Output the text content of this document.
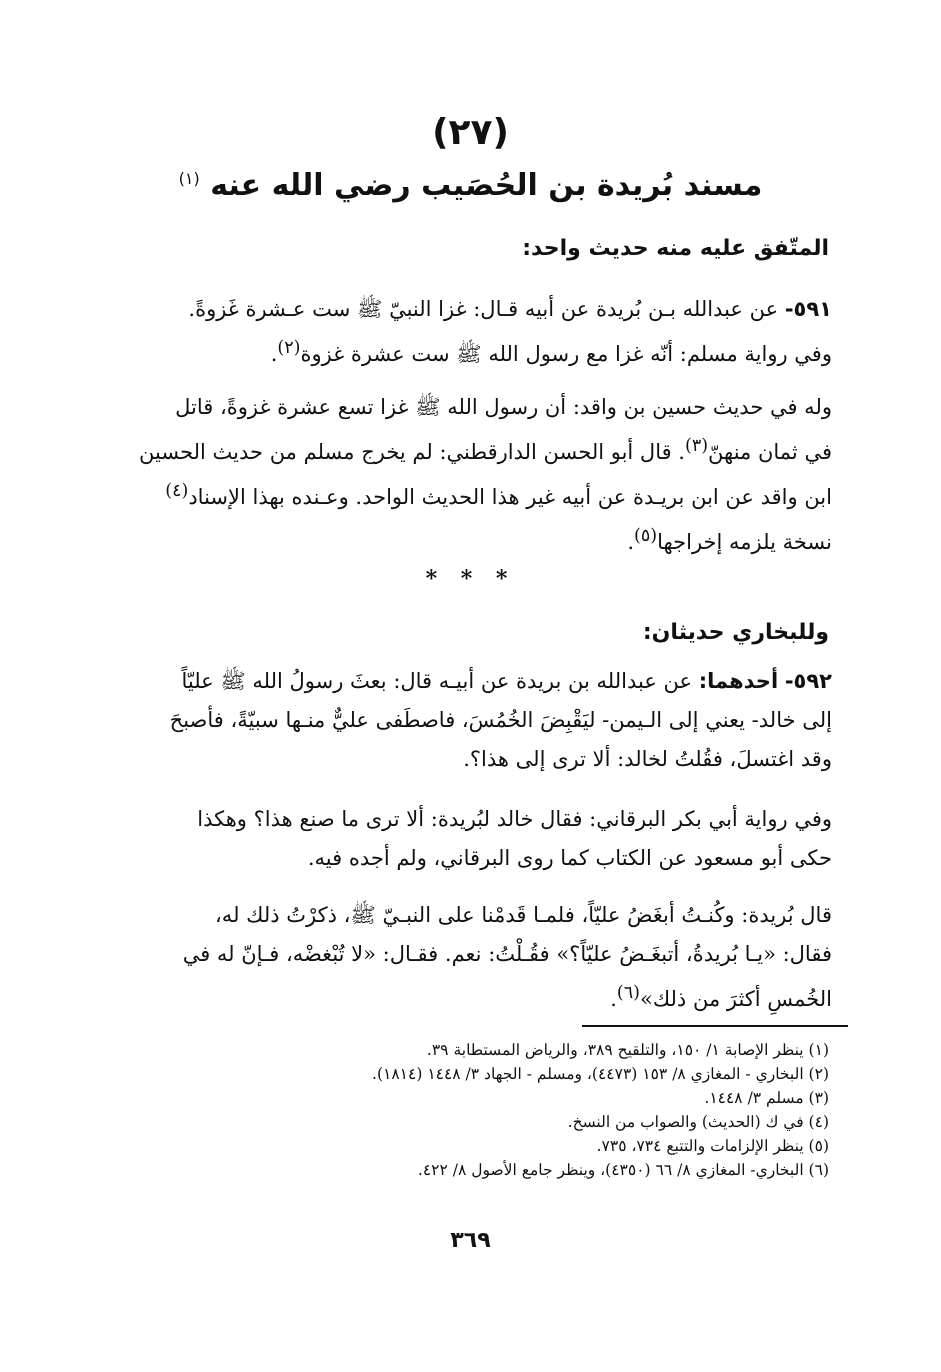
(٢٧)
مسند بُريدة بن الحُصَيب رضي الله عنه $^{(١)}$
المتّفق عليه منه حديث واحد:
٥٩١- عن عبدالله بـن بُريدة عن أبيه قـال: غزا النبيّ ﷺ ست عـشرة غَزوةً.
وفي رواية مسلم: أنّه غزا مع رسول الله ﷺ ست عشرة غزوة$^{(٢)}$.
وله في حديث حسين بن واقد: أن رسول الله ﷺ غزا تسع عشرة غزوةً، قاتل
في ثمان منهنّ$^{(٣)}$. قال أبو الحسن الدارقطني: لم يخرج مسلم من حديث الحسين
ابن واقد عن ابن بريـدة عن أبيه غير هذا الحديث الواحد. وعـنده بهذا الإسناد$^{(٤)}$
نسخة يلزمه إخراجها$^{(٥)}$.
* * *
وللبخاري حديثان:
٥٩٢- أحدهما: عن عبدالله بن بريدة عن أبيـه قال: بعثَ رسولُ الله ﷺ عليّاً
إلى خالد- يعني إلى الـيمن- ليَقْبِضَ الخُمُسَ، فاصطَفى عليٌّ منـها سبيّةً، فأصبحَ
وقد اغتسلَ، فقُلتُ لخالد: ألا ترى إلى هذا؟.
وفي رواية أبي بكر البرقاني: فقال خالد لبُريدة: ألا ترى ما صنع هذا؟ وهكذا
حكى أبو مسعود عن الكتاب كما روى البرقاني، ولم أجده فيه.
قال بُريدة: وكُنـتُ أبغَضُ عليّاً، فلمـا قَدمْنا على النبـيّ ﷺ، ذكرْتُ ذلك له،
فقال: «يـا بُريدةُ، أتبغَـضُ عليّاً؟» فقُـلْتُ: نعم. فقـال: «لا تُبْغضْه، فـإنّ له في
الخُمسِ أكثرَ من ذلك»$^{(٦)}$.
(١) ينظر الإصابة ١/ ١٥٠، والتلقيح ٣٨٩، والرياض المستطابة ٣٩.
(٢) البخاري - المغازي ٨/ ١٥٣ (٤٤٧٣)، ومسلم - الجهاد ٣/ ١٤٤٨ (١٨١٤).
(٣) مسلم ٣/ ١٤٤٨.
(٤) في ك (الحديث) والصواب من النسخ.
(٥) ينظر الإلزامات والتتبع ٧٣٤، ٧٣٥.
(٦) البخاري- المغازي ٨/ ٦٦ (٤٣٥٠)، وينظر جامع الأصول ٨/ ٤٢٢.
٣٦٩
